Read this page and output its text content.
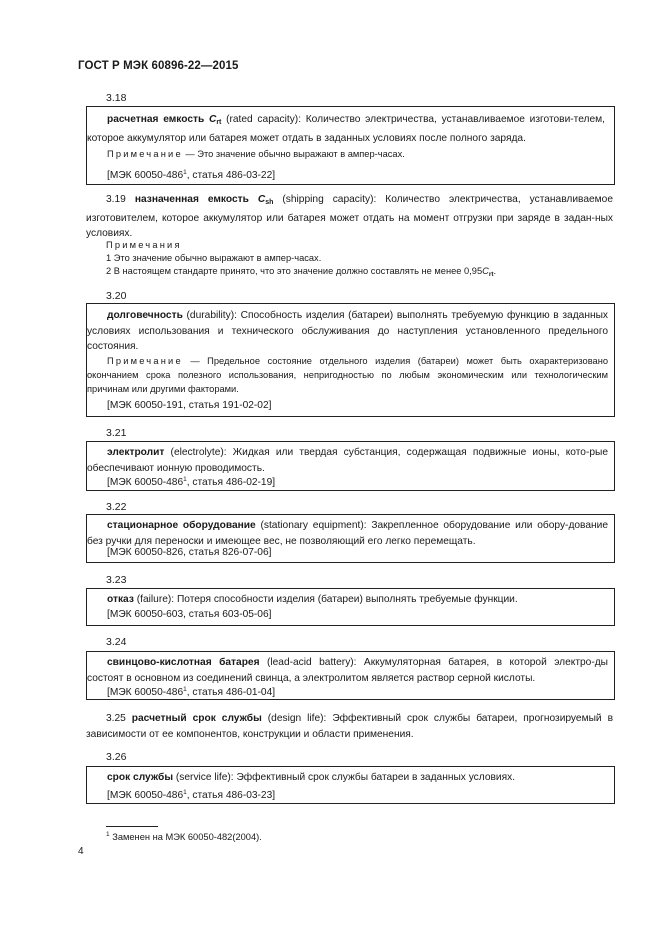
ГОСТ Р МЭК 60896-22—2015
3.18

расчетная емкость $C_{rt}$ (rated capacity): Количество электричества, устанавливаемое изготови-телем, которое аккумулятор или батарея может отдать в заданных условиях после полного заряда.

Примечание — Это значение обычно выражают в ампер-часах.

[МЭК $60050-486^1$, статья 486-03-22]

3.19 назначенная емкость $C_{sh}$ (shipping capacity): Количество электричества, устанавливаемое изготовителем, которое аккумулятор или батарея может отдать на момент отгрузки при заряде в задан-ных условиях.

Примечания

1 Это значение обычно выражают в ампер-часах.

2 В настоящем стандарте принято, что это значение должно составлять не менее $0,95C_{rt}$.

3.20

долговечность (durability): Способность изделия (батареи) выполнять требуемую функцию в заданных условиях использования и технического обслуживания до наступления установленного предельного состояния.

Примечание — Предельное состояние отдельного изделия (батареи) может быть охарактеризовано окончанием срока полезного использования, непригодностью по любым экономическим или технологическим причинам или другими факторами.

[МЭК 60050-191, статья 191-02-02]

3.21

электролит (electrolyte): Жидкая или твердая субстанция, содержащая подвижные ионы, кото-рые обеспечивают ионную проводимость.

[МЭК $60050-486^1$, статья 486-02-19]

3.22

стационарное оборудование (stationary equipment): Закрепленное оборудование или обору-дование без ручки для переноски и имеющее вес, не позволяющий его легко перемещать.

[МЭК 60050-826, статья 826-07-06]

3.23

отказ (failure): Потеря способности изделия (батареи) выполнять требуемые функции.

[МЭК 60050-603, статья 603-05-06]

3.24

свинцово-кислотная батарея (lead-acid battery): Аккумуляторная батарея, в которой электро-ды состоят в основном из соединений свинца, а электролитом является раствор серной кислоты.

[МЭК $60050-486^1$, статья 486-01-04]

3.25 расчетный срок службы (design life): Эффективный срок службы батареи, прогнозируемый в зависимости от ее компонентов, конструкции и области применения.

3.26

срок службы (service life): Эффективный срок службы батареи в заданных условиях.

[МЭК $60050-486^1$, статья 486-03-23]

$^1$ Заменен на МЭК 60050-482(2004).

4
